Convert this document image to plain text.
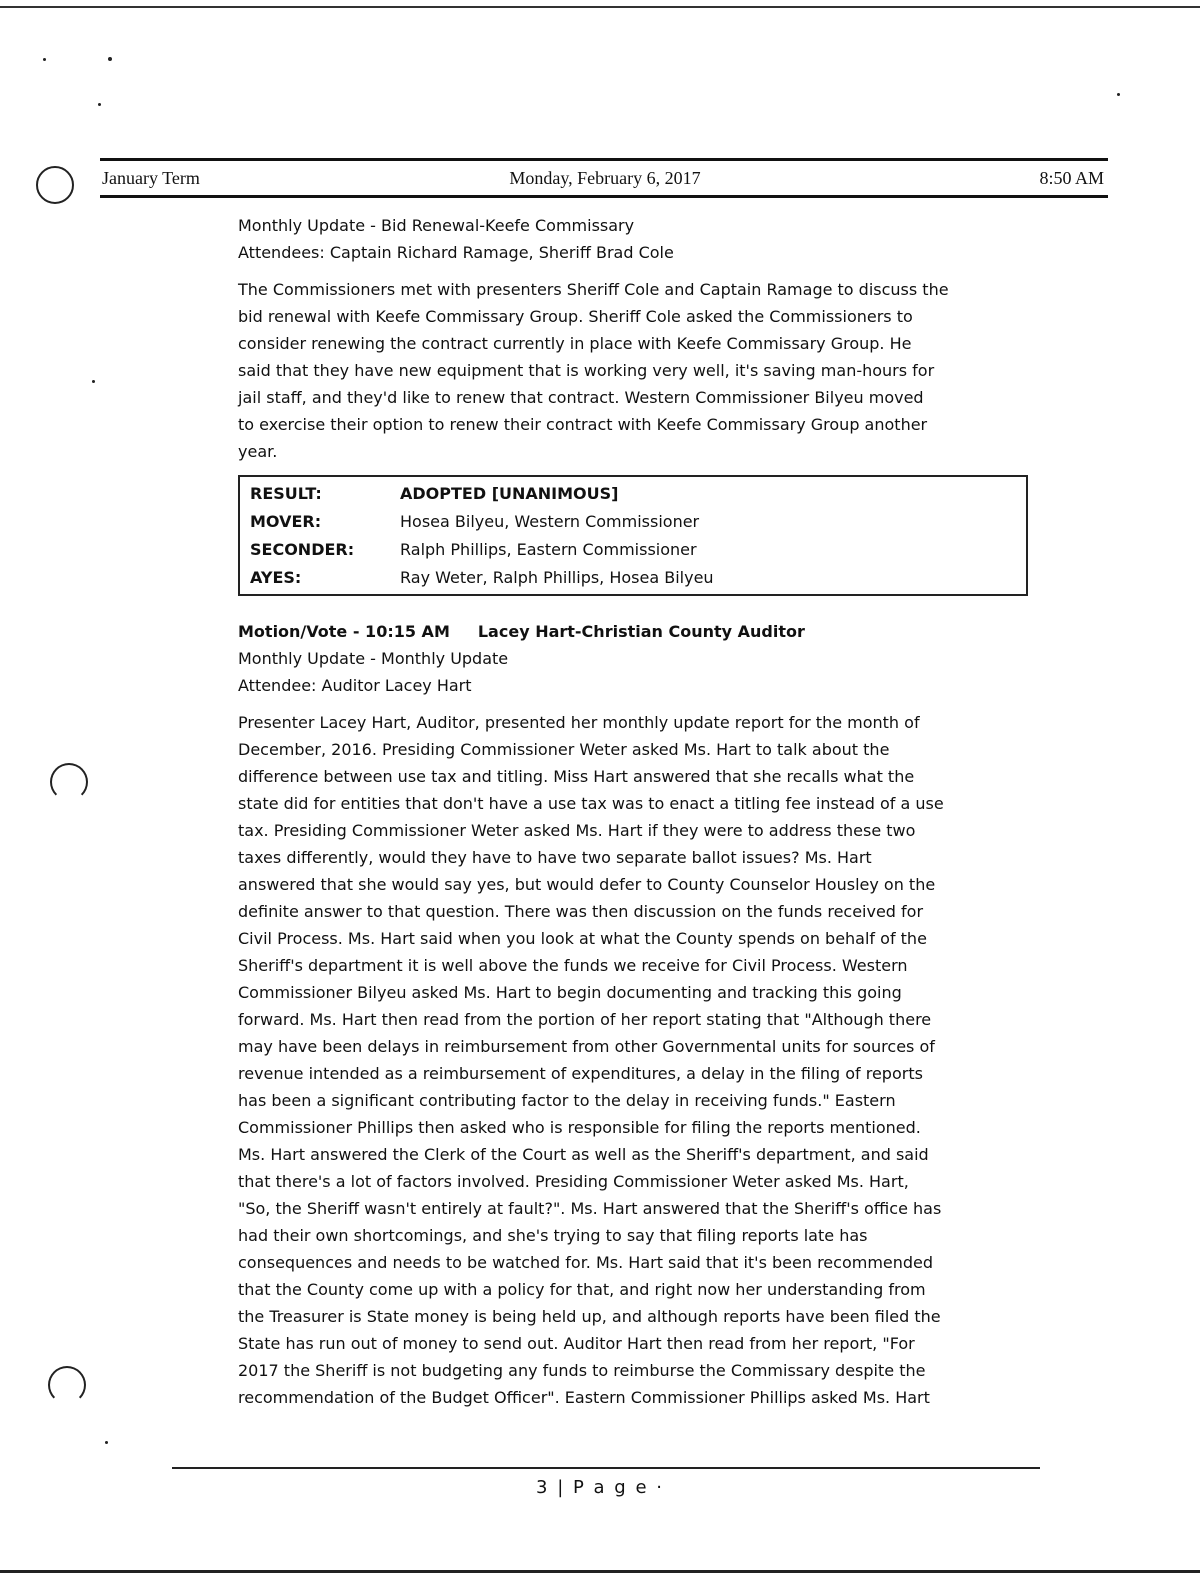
January Term	Monday, February 6, 2017	8:50 AM
Monthly Update - Bid Renewal-Keefe Commissary
Attendees: Captain Richard Ramage, Sheriff Brad Cole
The Commissioners met with presenters Sheriff Cole and Captain Ramage to discuss the
bid renewal with Keefe Commissary Group. Sheriff Cole asked the Commissioners to
consider renewing the contract currently in place with Keefe Commissary Group. He
said that they have new equipment that is working very well, it's saving man-hours for
jail staff, and they'd like to renew that contract. Western Commissioner Bilyeu moved
to exercise their option to renew their contract with Keefe Commissary Group another
year.
RESULT:	ADOPTED [UNANIMOUS]
MOVER:	Hosea Bilyeu, Western Commissioner
SECONDER:	Ralph Phillips, Eastern Commissioner
AYES:	Ray Weter, Ralph Phillips, Hosea Bilyeu
Motion/Vote - 10:15 AM Lacey Hart-Christian County Auditor
Monthly Update - Monthly Update
Attendee: Auditor Lacey Hart
Presenter Lacey Hart, Auditor, presented her monthly update report for the month of
December, 2016. Presiding Commissioner Weter asked Ms. Hart to talk about the
difference between use tax and titling. Miss Hart answered that she recalls what the
state did for entities that don't have a use tax was to enact a titling fee instead of a use
tax. Presiding Commissioner Weter asked Ms. Hart if they were to address these two
taxes differently, would they have to have two separate ballot issues? Ms. Hart
answered that she would say yes, but would defer to County Counselor Housley on the
definite answer to that question. There was then discussion on the funds received for
Civil Process. Ms. Hart said when you look at what the County spends on behalf of the
Sheriff's department it is well above the funds we receive for Civil Process. Western
Commissioner Bilyeu asked Ms. Hart to begin documenting and tracking this going
forward. Ms. Hart then read from the portion of her report stating that "Although there
may have been delays in reimbursement from other Governmental units for sources of
revenue intended as a reimbursement of expenditures, a delay in the filing of reports
has been a significant contributing factor to the delay in receiving funds." Eastern
Commissioner Phillips then asked who is responsible for filing the reports mentioned.
Ms. Hart answered the Clerk of the Court as well as the Sheriff's department, and said
that there's a lot of factors involved. Presiding Commissioner Weter asked Ms. Hart,
"So, the Sheriff wasn't entirely at fault?". Ms. Hart answered that the Sheriff's office has
had their own shortcomings, and she's trying to say that filing reports late has
consequences and needs to be watched for. Ms. Hart said that it's been recommended
that the County come up with a policy for that, and right now her understanding from
the Treasurer is State money is being held up, and although reports have been filed the
State has run out of money to send out. Auditor Hart then read from her report, "For
2017 the Sheriff is not budgeting any funds to reimburse the Commissary despite the
recommendation of the Budget Officer". Eastern Commissioner Phillips asked Ms. Hart
3 | P a g e ·
